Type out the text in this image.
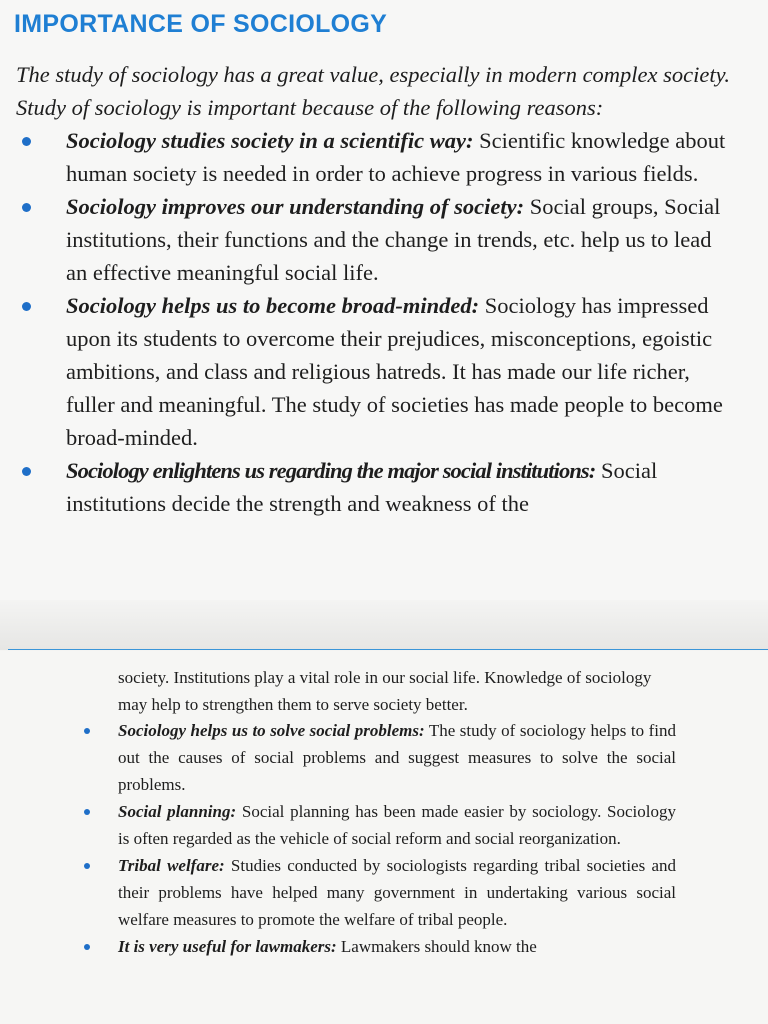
IMPORTANCE OF SOCIOLOGY

The study of sociology has a great value, especially in modern complex society. Study of sociology is important because of the following reasons:

Sociology studies society in a scientific way: Scientific knowledge about human society is needed in order to achieve progress in various fields.
Sociology improves our understanding of society: Social groups, Social institutions, their functions and the change in trends, etc. help us to lead an effective meaningful social life.
Sociology helps us to become broad-minded: Sociology has impressed upon its students to overcome their prejudices, misconceptions, egoistic ambitions, and class and religious hatreds. It has made our life richer, fuller and meaningful. The study of societies has made people to become broad-minded.
Sociology enlightens us regarding the major social institutions: Social institutions decide the strength and weakness of the

society. Institutions play a vital role in our social life. Knowledge of sociology may help to strengthen them to serve society better.

Sociology helps us to solve social problems: The study of sociology helps to find out the causes of social problems and suggest measures to solve the social problems.
Social planning: Social planning has been made easier by sociology. Sociology is often regarded as the vehicle of social reform and social reorganization.
Tribal welfare: Studies conducted by sociologists regarding tribal societies and their problems have helped many government in undertaking various social welfare measures to promote the welfare of tribal people.
It is very useful for lawmakers: Lawmakers should know the
